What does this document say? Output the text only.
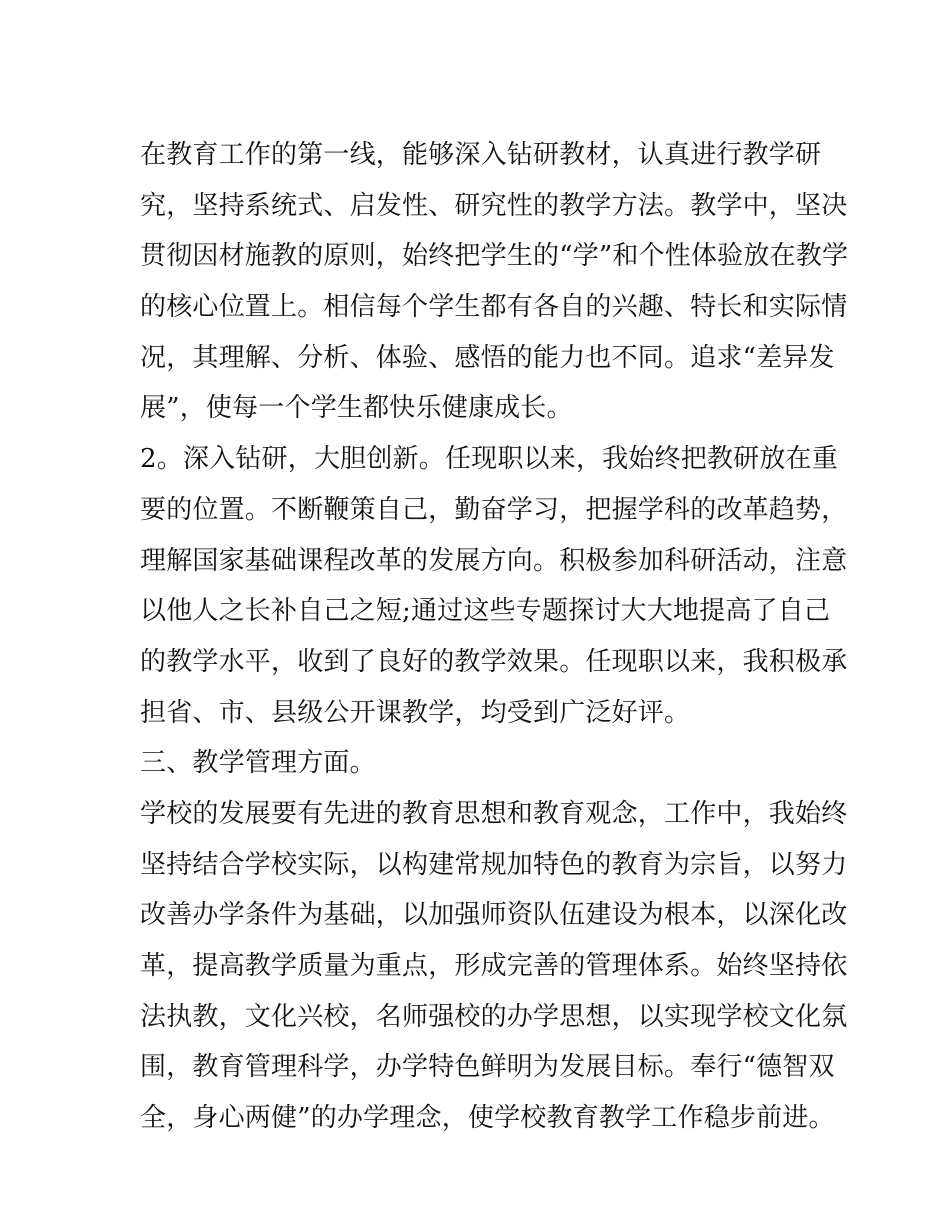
在教育工作的第一线，能够深入钻研教材，认真进行教学研
究，坚持系统式、启发性、研究性的教学方法。教学中，坚决
贯彻因材施教的原则，始终把学生的“学”和个性体验放在教学
的核心位置上。相信每个学生都有各自的兴趣、特长和实际情
况，其理解、分析、体验、感悟的能力也不同。追求“差异发
展”，使每一个学生都快乐健康成长。
2。深入钻研，大胆创新。任现职以来，我始终把教研放在重
要的位置。不断鞭策自己，勤奋学习，把握学科的改革趋势，
理解国家基础课程改革的发展方向。积极参加科研活动，注意
以他人之长补自己之短;通过这些专题探讨大大地提高了自己
的教学水平，收到了良好的教学效果。任现职以来，我积极承
担省、市、县级公开课教学，均受到广泛好评。
三、教学管理方面。
学校的发展要有先进的教育思想和教育观念，工作中，我始终
坚持结合学校实际，以构建常规加特色的教育为宗旨，以努力
改善办学条件为基础，以加强师资队伍建设为根本，以深化改
革，提高教学质量为重点，形成完善的管理体系。始终坚持依
法执教，文化兴校，名师强校的办学思想，以实现学校文化氛
围，教育管理科学，办学特色鲜明为发展目标。奉行“德智双
全，身心两健”的办学理念，使学校教育教学工作稳步前进。
